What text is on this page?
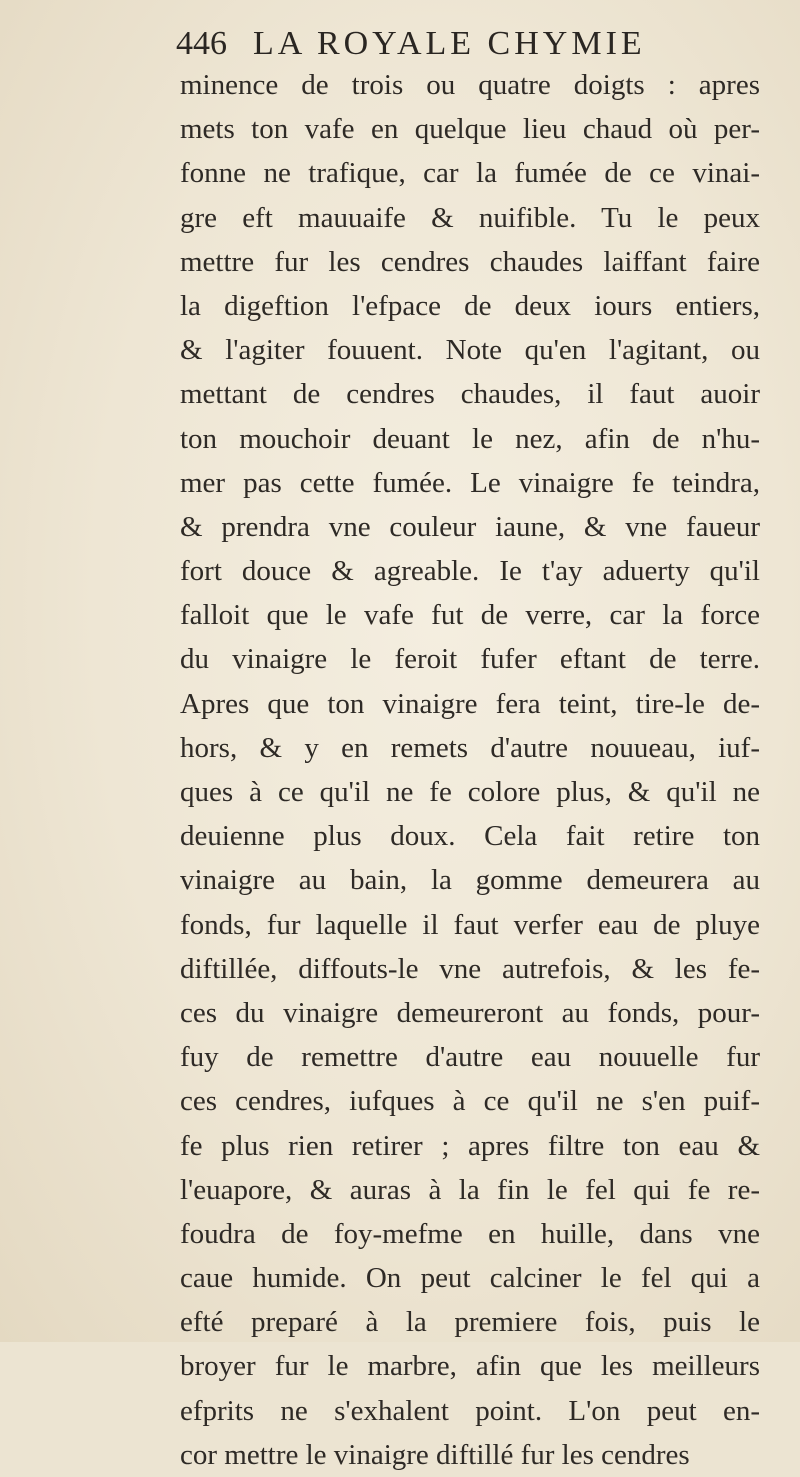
446 LA ROYALE CHYMIE
minence de trois ou quatre doigts : apres
mets ton vafe en quelque lieu chaud où per-
fonne ne trafique, car la fumée de ce vinai-
gre eft mauuaife & nuifible. Tu le peux
mettre fur les cendres chaudes laiffant faire
la digeftion l'efpace de deux iours entiers,
& l'agiter fouuent. Note qu'en l'agitant, ou
mettant de cendres chaudes, il faut auoir
ton mouchoir deuant le nez, afin de n'hu-
mer pas cette fumée. Le vinaigre fe teindra,
& prendra vne couleur iaune, & vne faueur
fort douce & agreable. Ie t'ay aduerty qu'il
falloit que le vafe fut de verre, car la force
du vinaigre le feroit fufer eftant de terre.
Apres que ton vinaigre fera teint, tire-le de-
hors, & y en remets d'autre nouueau, iuf-
ques à ce qu'il ne fe colore plus, & qu'il ne
deuienne plus doux. Cela fait retire ton
vinaigre au bain, la gomme demeurera au
fonds, fur laquelle il faut verfer eau de pluye
diftillée, diffouts-le vne autrefois, & les fe-
ces du vinaigre demeureront au fonds, pour-
fuy de remettre d'autre eau nouuelle fur
ces cendres, iufques à ce qu'il ne s'en puif-
fe plus rien retirer ; apres filtre ton eau &
l'euapore, & auras à la fin le fel qui fe re-
foudra de foy-mefme en huille, dans vne
caue humide. On peut calciner le fel qui a
efté preparé à la premiere fois, puis le
broyer fur le marbre, afin que les meilleurs
efprits ne s'exhalent point. L'on peut en-
cor mettre le vinaigre diftillé fur les cendres
